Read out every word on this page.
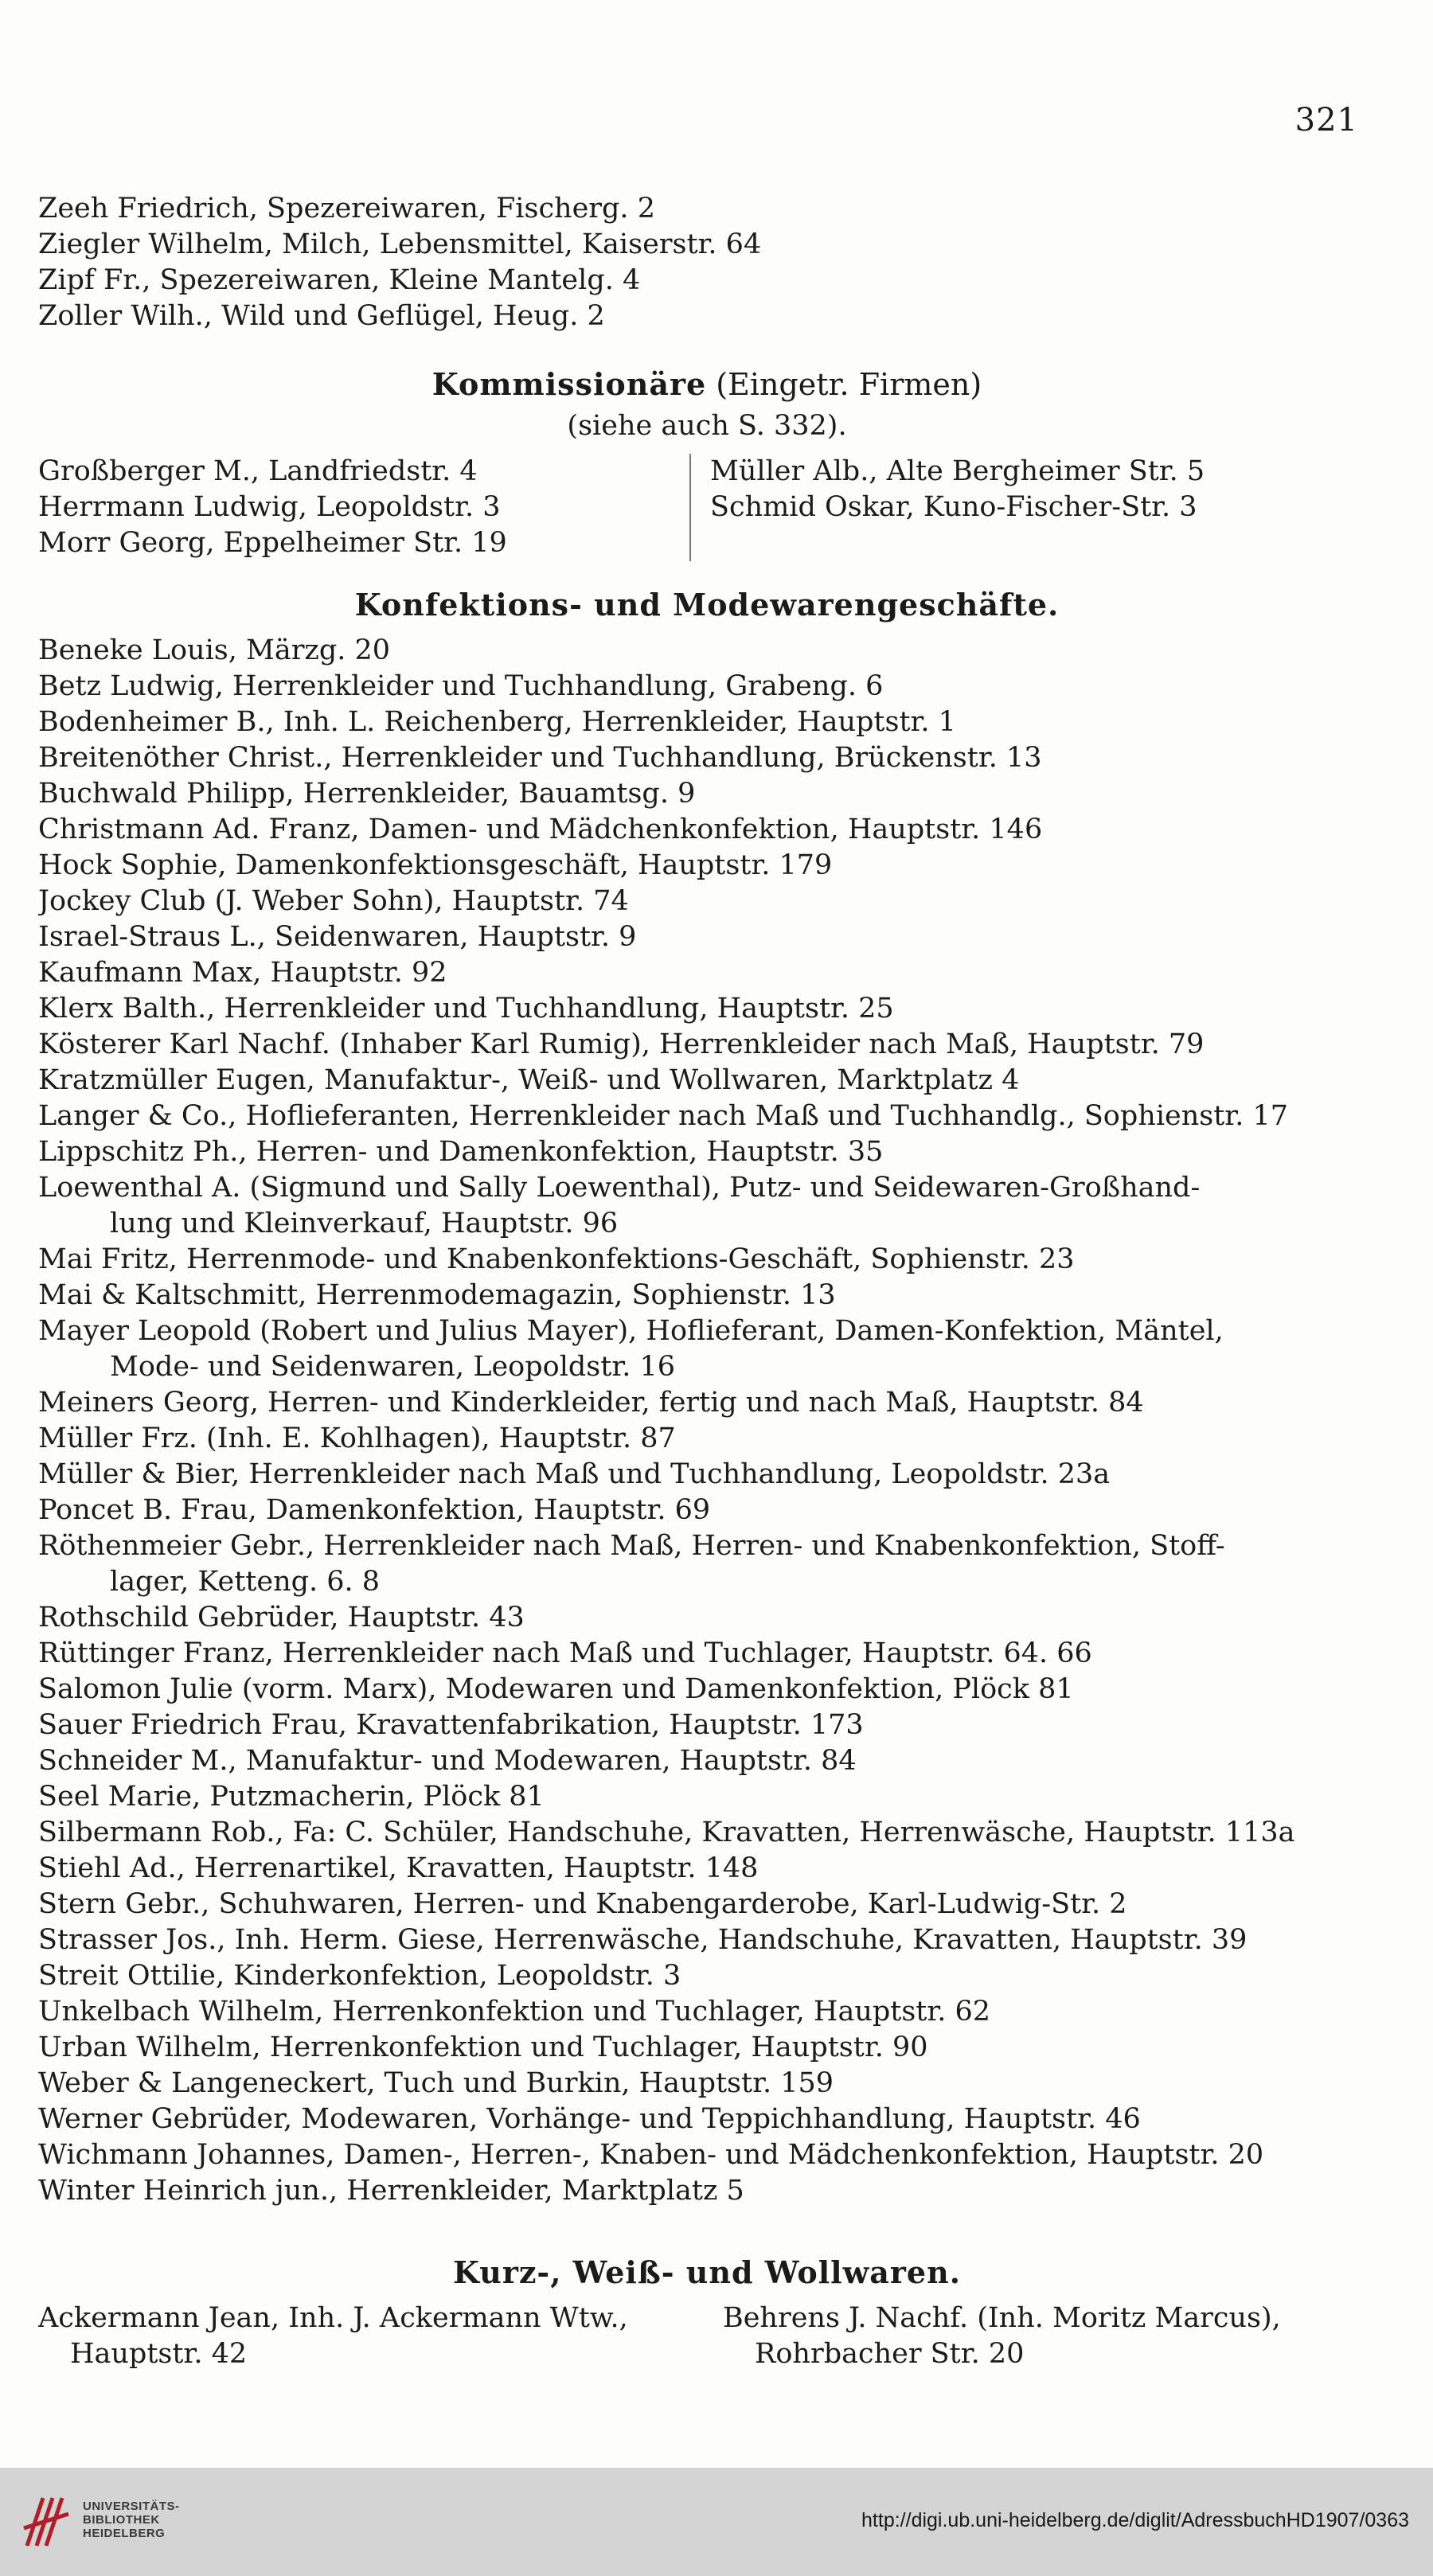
321
Zeeh Friedrich, Spezereiwaren, Fischerg. 2
Ziegler Wilhelm, Milch, Lebensmittel, Kaiserstr. 64
Zipf Fr., Spezereiwaren, Kleine Mantelg. 4
Zoller Wilh., Wild und Geflügel, Heug. 2
Kommissionäre (Eingetr. Firmen)
(siehe auch S. 332).
Großberger M., Landfriedstr. 4
Herrmann Ludwig, Leopoldstr. 3
Morr Georg, Eppelheimer Str. 19
Müller Alb., Alte Bergheimer Str. 5
Schmid Oskar, Kuno-Fischer-Str. 3
Konfektions- und Modewarengeschäfte.
Beneke Louis, Märzg. 20
Betz Ludwig, Herrenkleider und Tuchhandlung, Grabeng. 6
Bodenheimer B., Inh. L. Reichenberg, Herrenkleider, Hauptstr. 1
Breitenöther Christ., Herrenkleider und Tuchhandlung, Brückenstr. 13
Buchwald Philipp, Herrenkleider, Bauamtsg. 9
Christmann Ad. Franz, Damen- und Mädchenkonfektion, Hauptstr. 146
Hock Sophie, Damenkonfektionsgeschäft, Hauptstr. 179
Jockey Club (J. Weber Sohn), Hauptstr. 74
Israel-Straus L., Seidenwaren, Hauptstr. 9
Kaufmann Max, Hauptstr. 92
Klerx Balth., Herrenkleider und Tuchhandlung, Hauptstr. 25
Kösterer Karl Nachf. (Inhaber Karl Rumig), Herrenkleider nach Maß, Hauptstr. 79
Kratzmüller Eugen, Manufaktur-, Weiß- und Wollwaren, Marktplatz 4
Langer & Co., Hoflieferanten, Herrenkleider nach Maß und Tuchhandlg., Sophienstr. 17
Lippschitz Ph., Herren- und Damenkonfektion, Hauptstr. 35
Loewenthal A. (Sigmund und Sally Loewenthal), Putz- und Seidewaren-Großhand-
lung und Kleinverkauf, Hauptstr. 96
Mai Fritz, Herrenmode- und Knabenkonfektions-Geschäft, Sophienstr. 23
Mai & Kaltschmitt, Herrenmodemagazin, Sophienstr. 13
Mayer Leopold (Robert und Julius Mayer), Hoflieferant, Damen-Konfektion, Mäntel,
Mode- und Seidenwaren, Leopoldstr. 16
Meiners Georg, Herren- und Kinderkleider, fertig und nach Maß, Hauptstr. 84
Müller Frz. (Inh. E. Kohlhagen), Hauptstr. 87
Müller & Bier, Herrenkleider nach Maß und Tuchhandlung, Leopoldstr. 23a
Poncet B. Frau, Damenkonfektion, Hauptstr. 69
Röthenmeier Gebr., Herrenkleider nach Maß, Herren- und Knabenkonfektion, Stoff-
lager, Ketteng. 6. 8
Rothschild Gebrüder, Hauptstr. 43
Rüttinger Franz, Herrenkleider nach Maß und Tuchlager, Hauptstr. 64. 66
Salomon Julie (vorm. Marx), Modewaren und Damenkonfektion, Plöck 81
Sauer Friedrich Frau, Kravattenfabrikation, Hauptstr. 173
Schneider M., Manufaktur- und Modewaren, Hauptstr. 84
Seel Marie, Putzmacherin, Plöck 81
Silbermann Rob., Fa: C. Schüler, Handschuhe, Kravatten, Herrenwäsche, Hauptstr. 113a
Stiehl Ad., Herrenartikel, Kravatten, Hauptstr. 148
Stern Gebr., Schuhwaren, Herren- und Knabengarderobe, Karl-Ludwig-Str. 2
Strasser Jos., Inh. Herm. Giese, Herrenwäsche, Handschuhe, Kravatten, Hauptstr. 39
Streit Ottilie, Kinderkonfektion, Leopoldstr. 3
Unkelbach Wilhelm, Herrenkonfektion und Tuchlager, Hauptstr. 62
Urban Wilhelm, Herrenkonfektion und Tuchlager, Hauptstr. 90
Weber & Langeneckert, Tuch und Burkin, Hauptstr. 159
Werner Gebrüder, Modewaren, Vorhänge- und Teppichhandlung, Hauptstr. 46
Wichmann Johannes, Damen-, Herren-, Knaben- und Mädchenkonfektion, Hauptstr. 20
Winter Heinrich jun., Herrenkleider, Marktplatz 5
Kurz-, Weiß- und Wollwaren.
Ackermann Jean, Inh. J. Ackermann Wtw.,
Hauptstr. 42
Behrens J. Nachf. (Inh. Moritz Marcus),
Rohrbacher Str. 20
UNIVERSITÄTS-
BIBLIOTHEK
HEIDELBERG
http://digi.ub.uni-heidelberg.de/diglit/AdressbuchHD1907/0363
